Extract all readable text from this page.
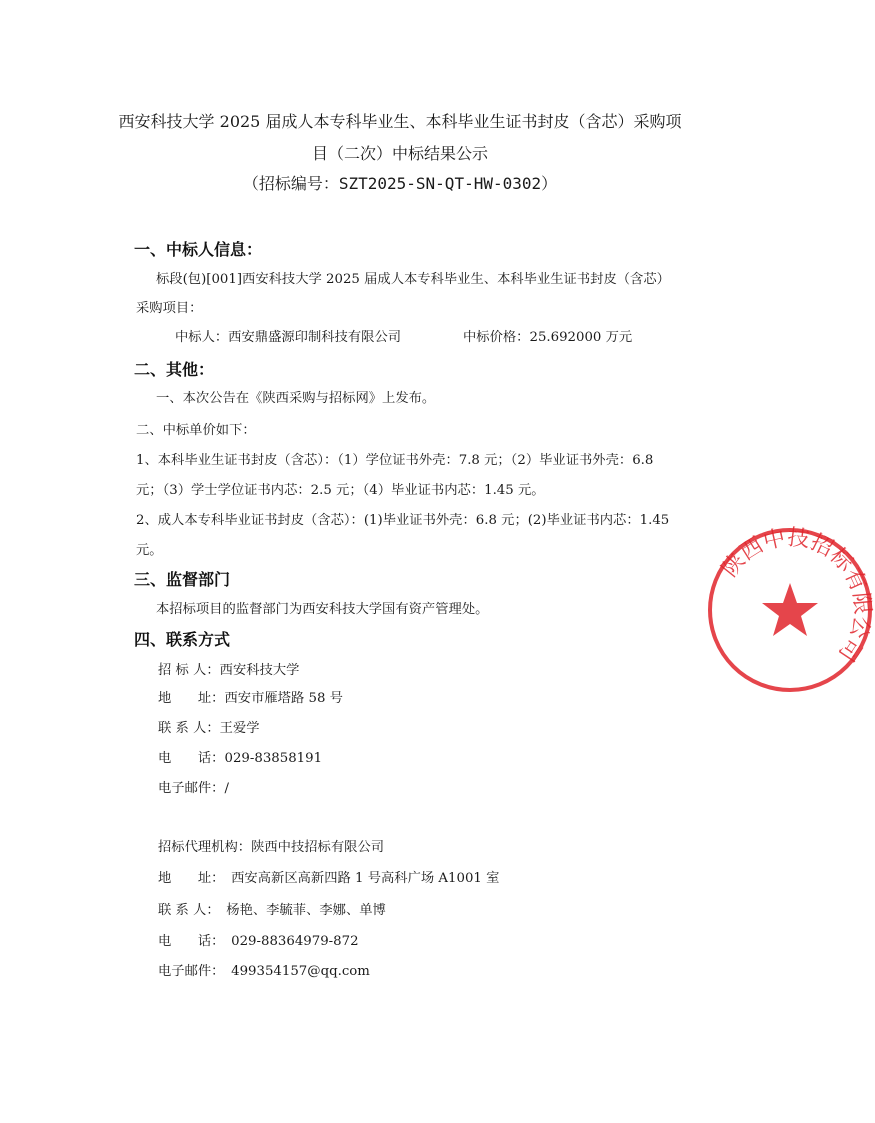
西安科技大学 2025 届成人本专科毕业生、本科毕业生证书封皮（含芯）采购项
目（二次）中标结果公示
（招标编号：SZT2025-SN-QT-HW-0302）
一、中标人信息：
标段(包)[001]西安科技大学 2025 届成人本专科毕业生、本科毕业生证书封皮（含芯）
采购项目：
中标人：西安鼎盛源印制科技有限公司	中标价格：25.692000 万元
二、其他：
一、本次公告在《陕西采购与招标网》上发布。
二、中标单价如下：
1、本科毕业生证书封皮（含芯）：（1）学位证书外壳：7.8 元；（2）毕业证书外壳：6.8
元；（3）学士学位证书内芯：2.5 元；（4）毕业证书内芯：1.45 元。
2、成人本专科毕业证书封皮（含芯）：(1)毕业证书外壳：6.8 元；(2)毕业证书内芯：1.45
元。
三、监督部门
本招标项目的监督部门为西安科技大学国有资产管理处。
四、联系方式
招 标 人：西安科技大学
地　　址：西安市雁塔路 58 号
联 系 人：王爱学
电　　话：029-83858191
电子邮件：/
招标代理机构：陕西中技招标有限公司
地　　址：　西安高新区高新四路 1 号高科广场 A1001 室
联 系 人：　杨艳、李毓菲、李娜、单博
电　　话：　029-88364979-872
电子邮件：　499354157@qq.com
陕西中技招标有限公司
